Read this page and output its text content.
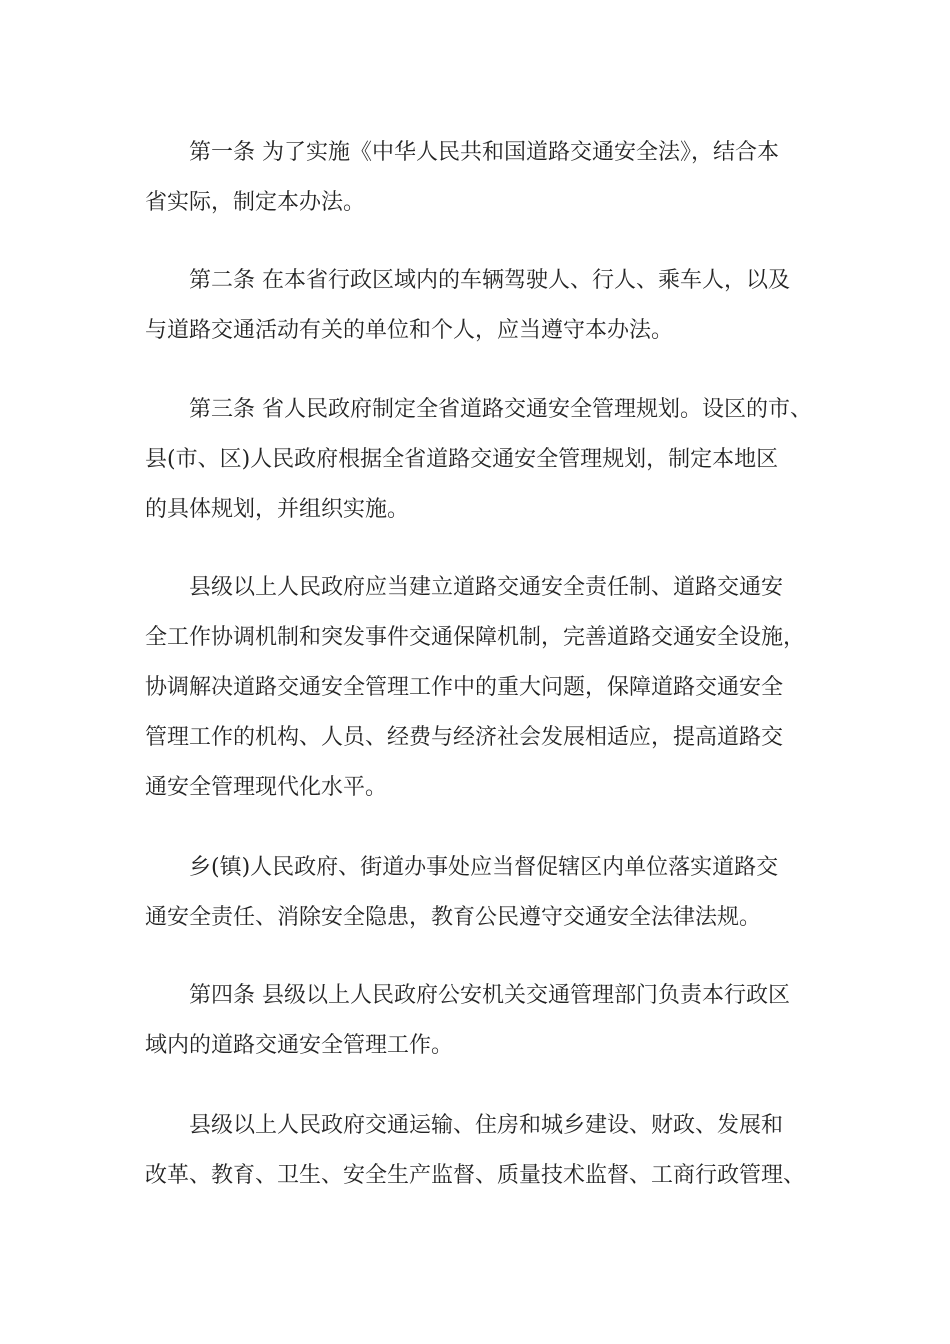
第一条 为了实施《中华人民共和国道路交通安全法》，结合本
省实际，制定本办法。
第二条 在本省行政区域内的车辆驾驶人、行人、乘车人，以及
与道路交通活动有关的单位和个人，应当遵守本办法。
第三条 省人民政府制定全省道路交通安全管理规划。设区的市、
县(市、区)人民政府根据全省道路交通安全管理规划，制定本地区
的具体规划，并组织实施。
县级以上人民政府应当建立道路交通安全责任制、道路交通安
全工作协调机制和突发事件交通保障机制，完善道路交通安全设施，
协调解决道路交通安全管理工作中的重大问题，保障道路交通安全
管理工作的机构、人员、经费与经济社会发展相适应，提高道路交
通安全管理现代化水平。
乡(镇)人民政府、街道办事处应当督促辖区内单位落实道路交
通安全责任、消除安全隐患，教育公民遵守交通安全法律法规。
第四条 县级以上人民政府公安机关交通管理部门负责本行政区
域内的道路交通安全管理工作。
县级以上人民政府交通运输、住房和城乡建设、财政、发展和
改革、教育、卫生、安全生产监督、质量技术监督、工商行政管理、
